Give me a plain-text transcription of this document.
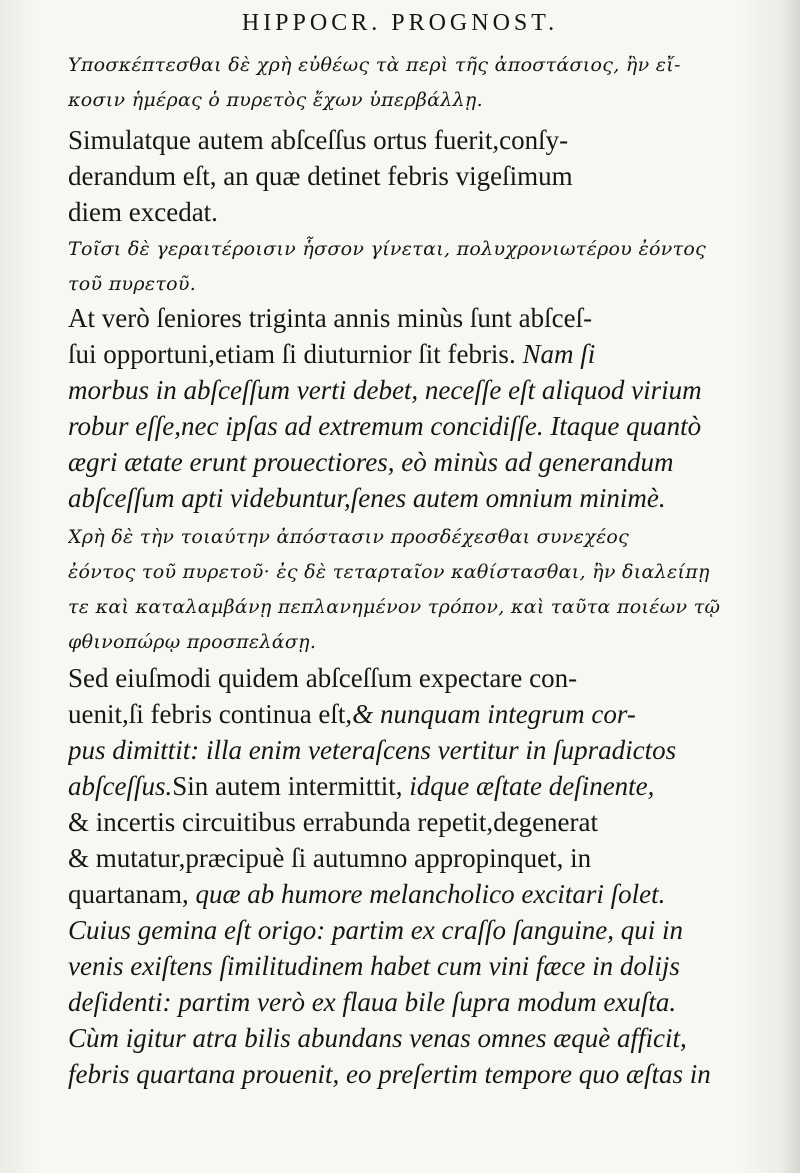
HIPPOCR. PROGNOST.
Υποσκέπτεσθαι δὲ χρὴ εὐθέως τὰ περὶ τῆς ἀποστάσιος, ἢν εἴ-
κοσιν ἡμέρας ὁ πυρετὸς ἔχων ὑπερβάλλῃ.
Simulatque autem abſceſſus ortus fuerit,conſy-
derandum eſt, an quæ detinet febris vigeſimum
diem excedat.
Τοῖσι δὲ γεραιτέροισιν ἧσσον γίνεται, πολυχρονιωτέρου ἐόντος
τοῦ πυρετοῦ.
At verò ſeniores triginta annis minùs ſunt abſceſ-
ſui opportuni,etiam ſi diuturnior ſit febris. Nam ſi
morbus in abſceſſum verti debet, neceſſe eſt aliquod virium
robur eſſe,nec ipſas ad extremum concidiſſe. Itaque quantò
ægri ætate erunt prouectiores, eò minùs ad generandum
abſceſſum apti videbuntur,ſenes autem omnium minimè.
Χρὴ δὲ τὴν τοιαύτην ἀπόστασιν προσδέχεσθαι συνεχέος
ἐόντος τοῦ πυρετοῦ· ἐς δὲ τεταρταῖον καθίστασθαι, ἢν διαλείπῃ
τε καὶ καταλαμβάνῃ πεπλανημένον τρόπον, καὶ ταῦτα ποιέων τῷ
φθινοπώρῳ προσπελάσῃ.
Sed eiuſmodi quidem abſceſſum expectare con-
uenit,ſi febris continua eſt,& nunquam integrum cor-
pus dimittit: illa enim veteraſcens vertitur in ſupradictos
abſceſſus.Sin autem intermittit, idque æſtate deſinente,
& incertis circuitibus errabunda repetit,degenerat
& mutatur,præcipuè ſi autumno appropinquet, in
quartanam, quæ ab humore melancholico excitari ſolet.
Cuius gemina eſt origo: partim ex craſſo ſanguine, qui in
venis exiſtens ſimilitudinem habet cum vini fæce in dolijs
deſidenti: partim verò ex flaua bile ſupra modum exuſta.
Cùm igitur atra bilis abundans venas omnes æquè afficit,
febris quartana prouenit, eo preſertim tempore quo æſtas in
